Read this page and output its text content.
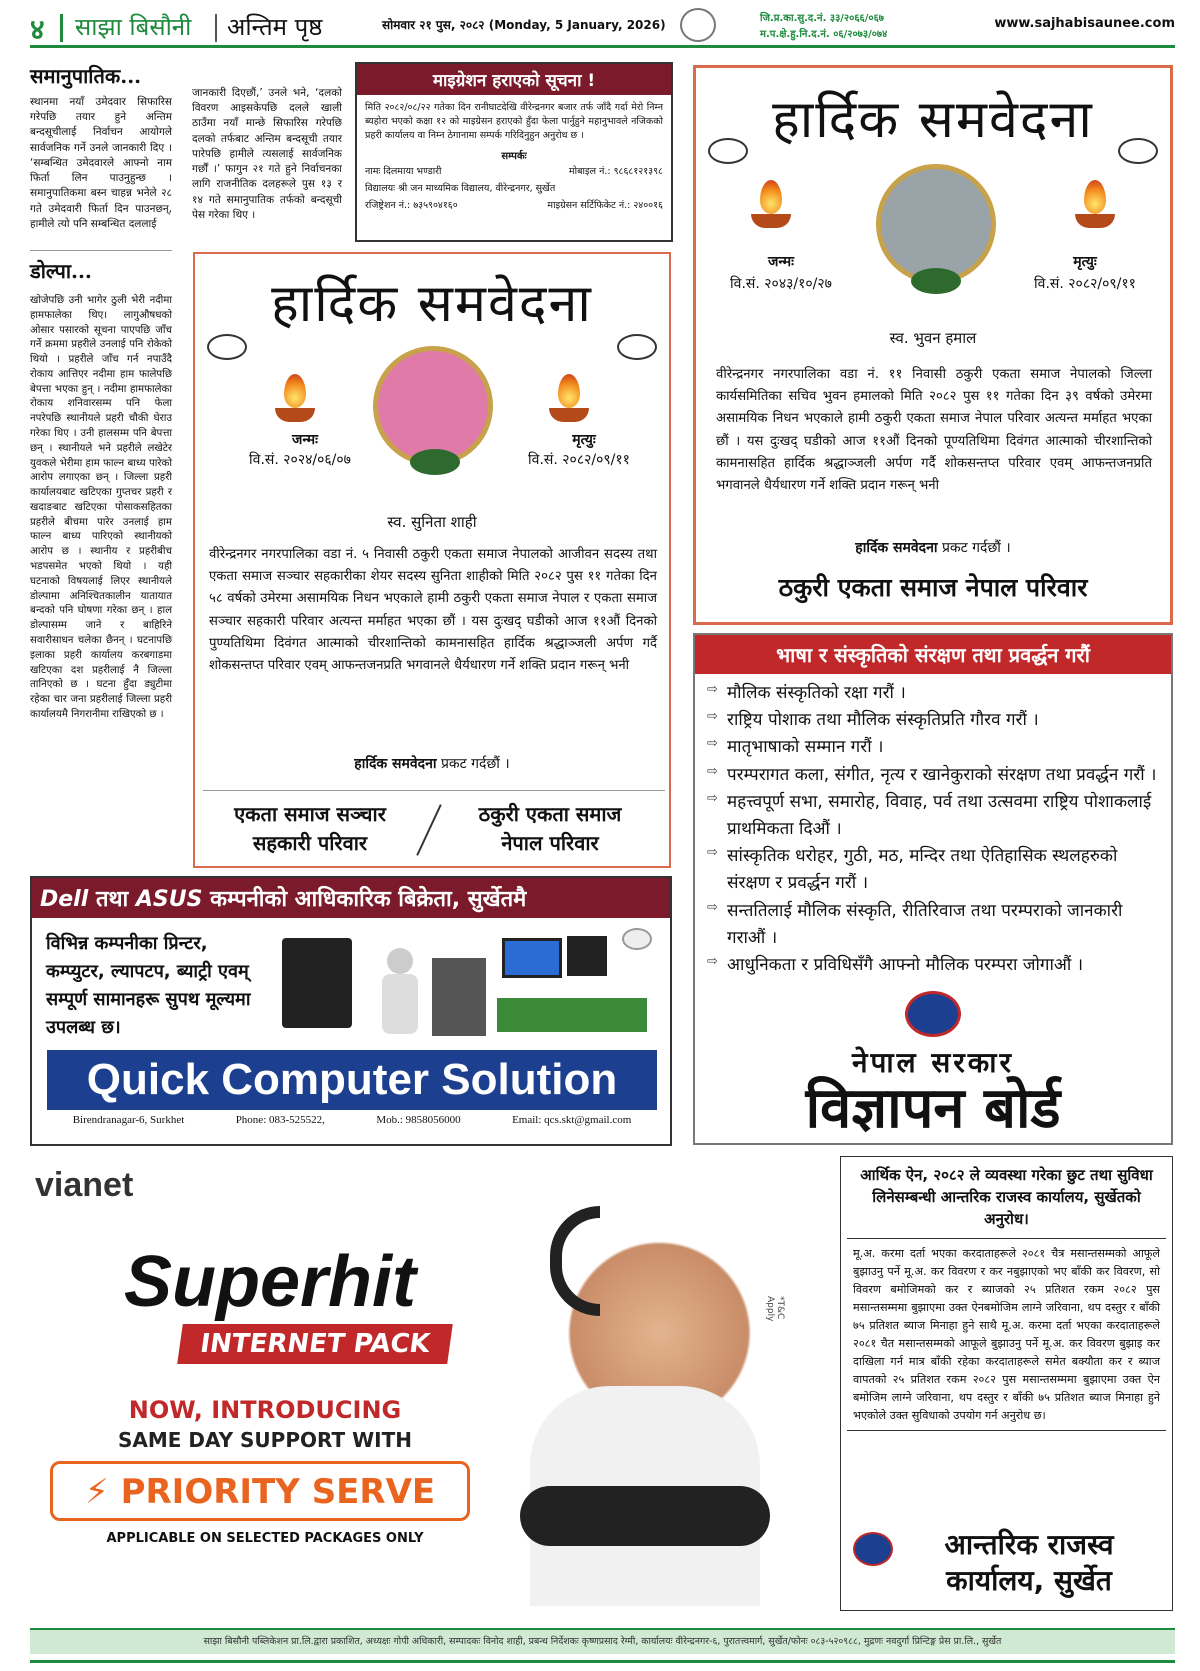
४ साझा बिसौनी अन्तिम पृष्ठ	सोमवार २१ पुस, २०८२ (Monday, 5 January, 2026)	जि.प्र.का.सु.द.नं. ३३/२०६६/०६७
म.प.क्षे.हु.नि.द.नं. ०६/२०७३/०७४
www.sajhabisaunee.com
समानुपातिक...
स्थानमा नयाँ उमेदवार सिफारिस गरेपछि तयार हुने अन्तिम बन्दसूचीलाई निर्वाचन आयोगले सार्वजनिक गर्ने उनले जानकारी दिए । ‘सम्बन्धित उमेदवारले आफ्नो नाम फिर्ता लिन पाउनुहुन्छ । समानुपातिकमा बस्न चाहन्न भनेले २८ गते उमेदवारी फिर्ता दिन पाउनछन्, हामीले त्यो पनि सम्बन्धित दललाई
डोल्पा...
खोजेपछि उनी भागेर ठुली भेरी नदीमा हामफालेका थिए। लागुऔषधको ओसार पसारको सूचना पाएपछि जाँच गर्ने क्रममा प्रहरीले उनलाई पनि रोकेको थियो । प्रहरीले जाँच गर्न नपाउँदै रोकाय आत्तिएर नदीमा हाम फालेपछि बेपत्ता भएका हुन् । नदीमा हामफालेका रोकाय शनिवारसम्म पनि फेला नपरेपछि स्थानीयले प्रहरी चौकी घेराउ गरेका थिए । उनी हालसम्म पनि बेपत्ता छन् । स्थानीयले भने प्रहरीले लखेटेर युवकले भेरीमा हाम फाल्न बाध्य पारेको आरोप लगाएका छन् । जिल्ला प्रहरी कार्यालयबाट खटिएका गुप्तचर प्रहरी र खदाङबाट खटिएका पोसाकसहितका प्रहरीले बीचमा पारेर उनलाई हाम फाल्न बाध्य पारिएको स्थानीयको आरोप छ । स्थानीय र प्रहरीबीच भडपसमेत भएको थियो । यही घटनाको विषयलाई लिएर स्थानीयले डोल्पामा अनिश्चितकालीन यातायात बन्दको पनि घोषणा गरेका छन् । हाल डोल्पासम्म जाने र बाहिरिने सवारीसाधन चलेका छैनन् । घटनापछि इलाका प्रहरी कार्यालय करबगाडमा खटिएका दश प्रहरीलाई नै जिल्ला तानिएको छ । घटना हुँदा ड्युटीमा रहेका चार जना प्रहरीलाई जिल्ला प्रहरी कार्यालयमै निगरानीमा राखिएको छ ।
जानकारी दिएछौं,’ उनले भने, ‘दलको विवरण आइसकेपछि दलले खाली ठाउँमा नयाँ मान्छे सिफारिस गरेपछि दलको तर्फबाट अन्तिम बन्दसूची तयार पारेपछि हामीले त्यसलाई सार्वजनिक गर्छौं ।’ फागुन २१ गते हुने निर्वाचनका लागि राजनीतिक दलहरूले पुस १३ र १४ गते समानुपातिक तर्फको बन्दसूची पेस गरेका थिए ।
माइग्रेशन हराएको सूचना !
मिति २०८२/०८/२२ गतेका दिन रानीघाटदेखि वीरेन्द्रनगर बजार तर्फ जाँदै गर्दा मेरो निम्न ब्यहोरा भएको कक्षा १२ को माइग्रेसन हराएको हुँदा फेला पार्नुहुने महानुभावले नजिकको प्रहरी कार्यालय वा निम्न ठेगानामा सम्पर्क गरिदिनुहुन अनुरोध छ ।
सम्पर्कः
नामः दिलमाया भण्डारी	मोबाइल नं.: ९८६८१२१३९८
विद्यालयः श्री जन माध्यमिक विद्यालय, वीरेन्द्रनगर, सुर्खेत
रजिष्ट्रेशन नं.: ७३५९०४१६०	माइग्रेसन सर्टिफिकेट नं.: २४००१६
हार्दिक समवेदना
जन्मः
वि.सं. २०२४/०६/०७
मृत्युः
वि.सं. २०८२/०९/११
स्व. सुनिता शाही
वीरेन्द्रनगर नगरपालिका वडा नं. ५ निवासी ठकुरी एकता समाज नेपालको आजीवन सदस्य तथा एकता समाज सञ्चार सहकारीका शेयर सदस्य सुनिता शाहीको मिति २०८२ पुस ११ गतेका दिन ५८ वर्षको उमेरमा असामयिक निधन भएकाले हामी ठकुरी एकता समाज नेपाल र एकता समाज सञ्चार सहकारी परिवार अत्यन्त मर्माहत भएका छौं । यस दुःखद् घडीको आज ११औं दिनको पुण्यतिथिमा दिवंगत आत्माको चीरशान्तिको कामनासहित हार्दिक श्रद्धाञ्जली अर्पण गर्दै शोकसन्तप्त परिवार एवम् आफन्तजनप्रति भगवानले धैर्यधारण गर्ने शक्ति प्रदान गरून् भनी
हार्दिक समवेदना प्रकट गर्दछौं ।
एकता समाज सञ्चार
सहकारी परिवार
ठकुरी एकता समाज
नेपाल परिवार
हार्दिक समवेदना
जन्मः
वि.सं. २०४३/१०/२७
मृत्युः
वि.सं. २०८२/०९/११
स्व. भुवन हमाल
वीरेन्द्रनगर नगरपालिका वडा नं. ११ निवासी ठकुरी एकता समाज नेपालको जिल्ला कार्यसमितिका सचिव भुवन हमालको मिति २०८२ पुस ११ गतेका दिन ३९ वर्षको उमेरमा असामयिक निधन भएकाले हामी ठकुरी एकता समाज नेपाल परिवार अत्यन्त मर्माहत भएका छौं । यस दुःखद् घडीको आज ११औं दिनको पूण्यतिथिमा दिवंगत आत्माको चीरशान्तिको कामनासहित हार्दिक श्रद्धाञ्जली अर्पण गर्दै शोकसन्तप्त परिवार एवम् आफन्तजनप्रति भगवानले धैर्यधारण गर्ने शक्ति प्रदान गरून् भनी
हार्दिक समवेदना प्रकट गर्दछौं ।
ठकुरी एकता समाज नेपाल परिवार
भाषा र संस्कृतिको संरक्षण तथा प्रवर्द्धन गरौं
⇨ मौलिक संस्कृतिको रक्षा गरौं ।
⇨ राष्ट्रिय पोशाक तथा मौलिक संस्कृतिप्रति गौरव गरौं ।
⇨ मातृभाषाको सम्मान गरौं ।
⇨ परम्परागत कला, संगीत, नृत्य र खानेकुराको संरक्षण तथा प्रवर्द्धन गरौं ।
⇨ महत्त्वपूर्ण सभा, समारोह, विवाह, पर्व तथा उत्सवमा राष्ट्रिय पोशाकलाई प्राथमिकता दिऔं ।
⇨ सांस्कृतिक धरोहर, गुठी, मठ, मन्दिर तथा ऐतिहासिक स्थलहरुको संरक्षण र प्रवर्द्धन गरौं ।
⇨ सन्ततिलाई मौलिक संस्कृति, रीतिरिवाज तथा परम्पराको जानकारी गराऔं ।
⇨ आधुनिकता र प्रविधिसँगै आफ्नो मौलिक परम्परा जोगाऔं ।
नेपाल सरकार
विज्ञापन बोर्ड
Dell तथा ASUS कम्पनीको आधिकारिक बिक्रेता, सुर्खेतमै
विभिन्न कम्पनीका प्रिन्टर, कम्प्युटर, ल्यापटप, ब्याट्री एवम् सम्पूर्ण सामानहरू सुपथ मूल्यमा उपलब्ध छ।
Quick Computer Solution
Birendranagar-6, Surkhet	Phone: 083-525522,	Mob.: 9858056000	Email: qcs.skt@gmail.com
vianet
Superhit
INTERNET PACK
NOW, INTRODUCING
SAME DAY SUPPORT WITH
⚡ PRIORITY SERVE
APPLICABLE ON SELECTED PACKAGES ONLY
*T&C Apply
आर्थिक ऐन, २०८२ ले व्यवस्था गरेका छुट तथा सुविधा लिनेसम्बन्धी आन्तरिक राजस्व कार्यालय, सुर्खेतको अनुरोध।
मू.अ. करमा दर्ता भएका करदाताहरूले २०८१ चैत्र मसान्तसम्मको आफूले बुझाउनु पर्ने मू.अ. कर विवरण र कर नबुझाएको भए बाँकी कर विवरण, सो विवरण बमोजिमको कर र ब्याजको २५ प्रतिशत रकम २०८२ पुस मसान्तसम्ममा बुझाएमा उक्त ऐनबमोजिम लाग्ने जरिवाना, थप दस्तुर र बाँकी ७५ प्रतिशत ब्याज मिनाहा हुने साथै मू.अ. करमा दर्ता भएका करदाताहरूले २०८१ चैत मसान्तसम्मको आफूले बुझाउनु पर्ने मू.अ. कर विवरण बुझाइ कर दाखिला गर्न मात्र बाँकी रहेका करदाताहरूले समेत बक्यौता कर र ब्याज वापतको २५ प्रतिशत रकम २०८२ पुस मसान्तसम्ममा बुझाएमा उक्त ऐन बमोजिम लाग्ने जरिवाना, थप दस्तुर र बाँकी ७५ प्रतिशत ब्याज मिनाहा हुने भएकोले उक्त सुविधाको उपयोग गर्न अनुरोध छ।
आन्तरिक राजस्व
कार्यालय, सुर्खेत
साझा बिसौनी पब्लिकेशन प्रा.लि.द्वारा प्रकाशित, अध्यक्षः गोपी अधिकारी, सम्पादकः विनोद शाही, प्रबन्ध निर्देशकः कृष्णप्रसाद रेग्मी, कार्यालयः वीरेन्द्रनगर-६, पुरातत्त्वमार्ग, सुर्खेत/फोनः ०८३-५२०९८८, मुद्रणः नवदुर्गा प्रिन्टिङ्ग प्रेस प्रा.लि., सुर्खेत
